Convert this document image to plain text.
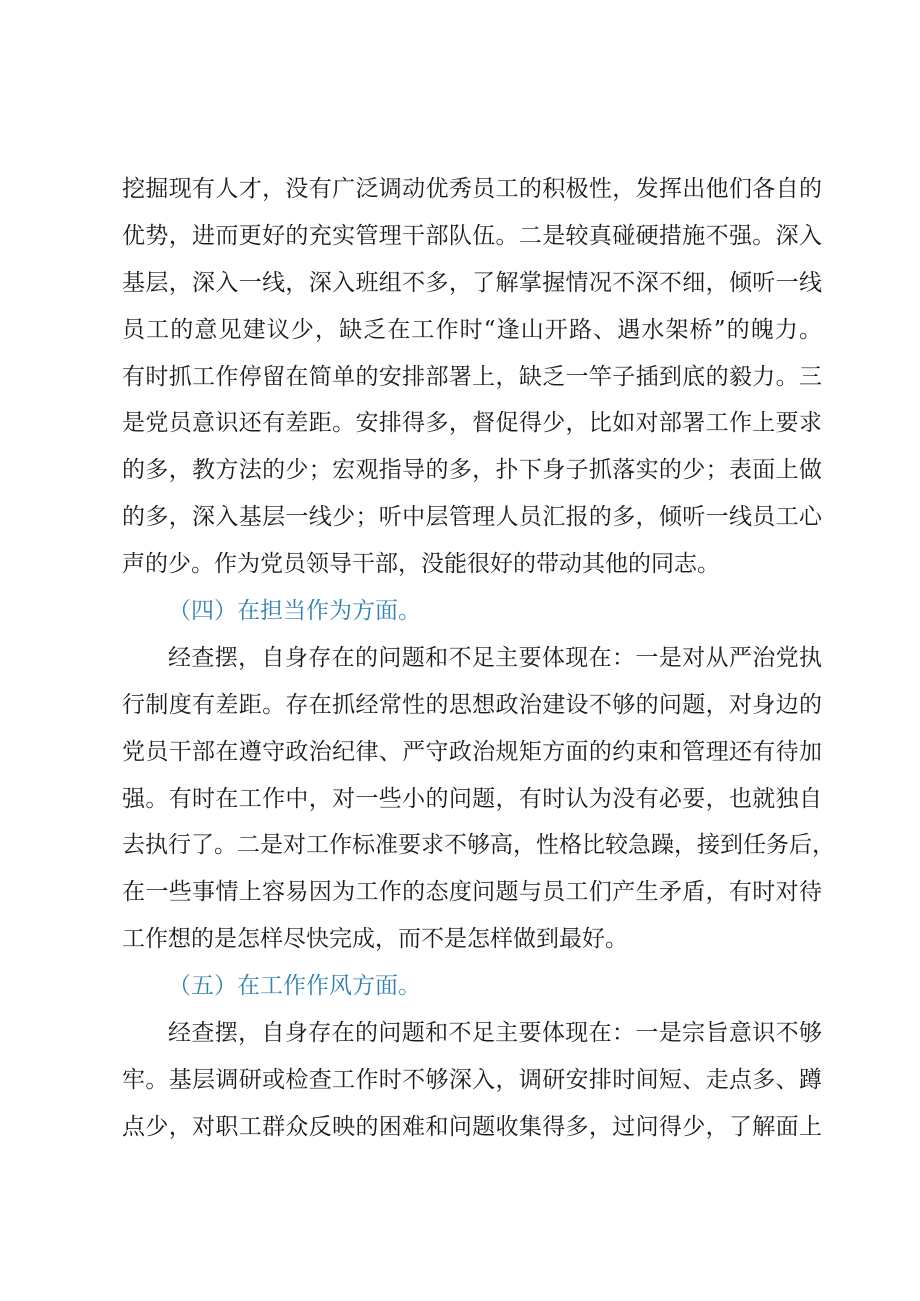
挖掘现有人才，没有广泛调动优秀员工的积极性，发挥出他们各自的
优势，进而更好的充实管理干部队伍。二是较真碰硬措施不强。深入
基层，深入一线，深入班组不多，了解掌握情况不深不细，倾听一线
员工的意见建议少，缺乏在工作时“逢山开路、遇水架桥”的魄力。
有时抓工作停留在简单的安排部署上，缺乏一竿子插到底的毅力。三
是党员意识还有差距。安排得多，督促得少，比如对部署工作上要求
的多，教方法的少；宏观指导的多，扑下身子抓落实的少；表面上做
的多，深入基层一线少；听中层管理人员汇报的多，倾听一线员工心
声的少。作为党员领导干部，没能很好的带动其他的同志。
（四）在担当作为方面。
经查摆，自身存在的问题和不足主要体现在：一是对从严治党执
行制度有差距。存在抓经常性的思想政治建设不够的问题，对身边的
党员干部在遵守政治纪律、严守政治规矩方面的约束和管理还有待加
强。有时在工作中，对一些小的问题，有时认为没有必要，也就独自
去执行了。二是对工作标准要求不够高，性格比较急躁，接到任务后，
在一些事情上容易因为工作的态度问题与员工们产生矛盾，有时对待
工作想的是怎样尽快完成，而不是怎样做到最好。
（五）在工作作风方面。
经查摆，自身存在的问题和不足主要体现在：一是宗旨意识不够
牢。基层调研或检查工作时不够深入，调研安排时间短、走点多、蹲
点少，对职工群众反映的困难和问题收集得多，过问得少，了解面上
